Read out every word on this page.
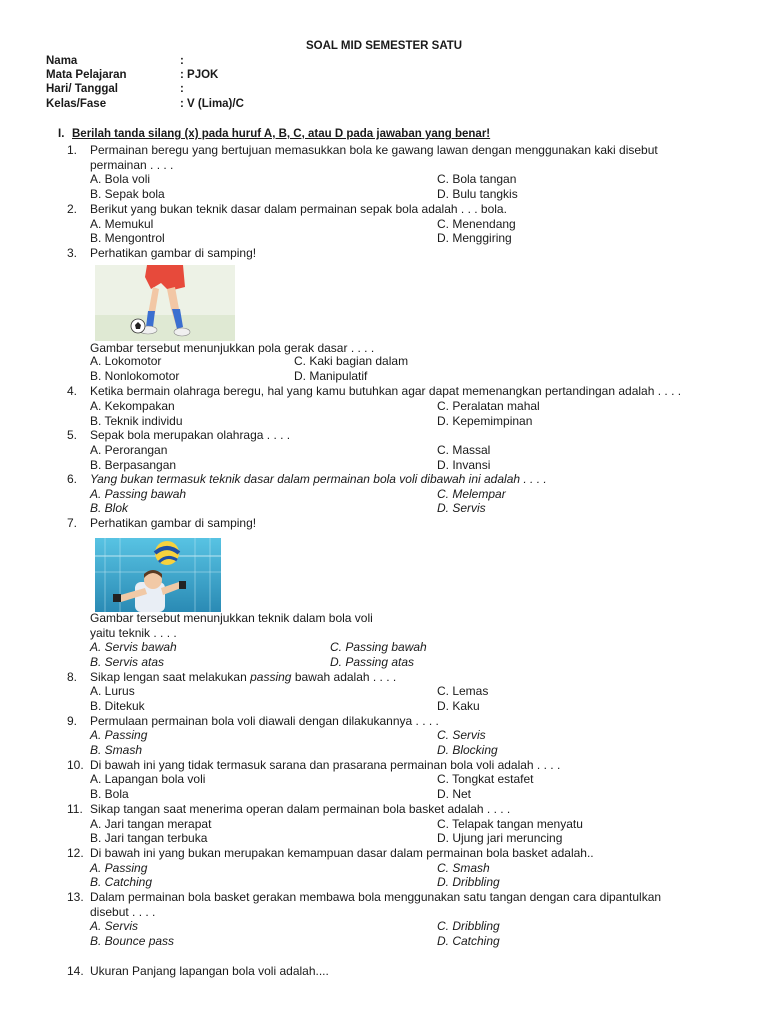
SOAL MID SEMESTER SATU
Nama	:
Mata Pelajaran	: PJOK
Hari/ Tanggal	:
Kelas/Fase	: V (Lima)/C
I. Berilah tanda silang (x) pada huruf A, B, C, atau D pada jawaban yang benar!
1. Permainan beregu yang bertujuan memasukkan bola ke gawang lawan dengan menggunakan kaki disebut
permainan . . . .
A. Bola voli	C. Bola tangan
B. Sepak bola	D. Bulu tangkis
2. Berikut yang bukan teknik dasar dalam permainan sepak bola adalah . . . bola.
A. Memukul	C. Menendang
B. Mengontrol	D. Menggiring
3. Perhatikan gambar di samping!
Gambar tersebut menunjukkan pola gerak dasar . . . .
A. Lokomotor	C. Kaki bagian dalam
B. Nonlokomotor	D. Manipulatif
4. Ketika bermain olahraga beregu, hal yang kamu butuhkan agar dapat memenangkan pertandingan adalah . . . .
A. Kekompakan	C. Peralatan mahal
B. Teknik individu	D. Kepemimpinan
5. Sepak bola merupakan olahraga . . . .
A. Perorangan	C. Massal
B. Berpasangan	D. Invansi
6. Yang bukan termasuk teknik dasar dalam permainan bola voli dibawah ini adalah . . . .
A. Passing bawah	C. Melempar
B. Blok	D. Servis
7. Perhatikan gambar di samping!
Gambar tersebut menunjukkan teknik dalam bola voli
yaitu teknik . . . .
A. Servis bawah	C. Passing bawah
B. Servis atas	D. Passing atas
8. Sikap lengan saat melakukan passing bawah adalah . . . .
A. Lurus	C. Lemas
B. Ditekuk	D. Kaku
9. Permulaan permainan bola voli diawali dengan dilakukannya . . . .
A. Passing	C. Servis
B. Smash	D. Blocking
10. Di bawah ini yang tidak termasuk sarana dan prasarana permainan bola voli adalah . . . .
A. Lapangan bola voli	C. Tongkat estafet
B. Bola	D. Net
11. Sikap tangan saat menerima operan dalam permainan bola basket adalah . . . .
A. Jari tangan merapat	C. Telapak tangan menyatu
B. Jari tangan terbuka	D. Ujung jari meruncing
12. Di bawah ini yang bukan merupakan kemampuan dasar dalam permainan bola basket adalah..
A. Passing	C. Smash
B. Catching	D. Dribbling
13. Dalam permainan bola basket gerakan membawa bola menggunakan satu tangan dengan cara dipantulkan
disebut . . . .
A. Servis	C. Dribbling
B. Bounce pass	D. Catching
14. Ukuran Panjang lapangan bola voli adalah....
